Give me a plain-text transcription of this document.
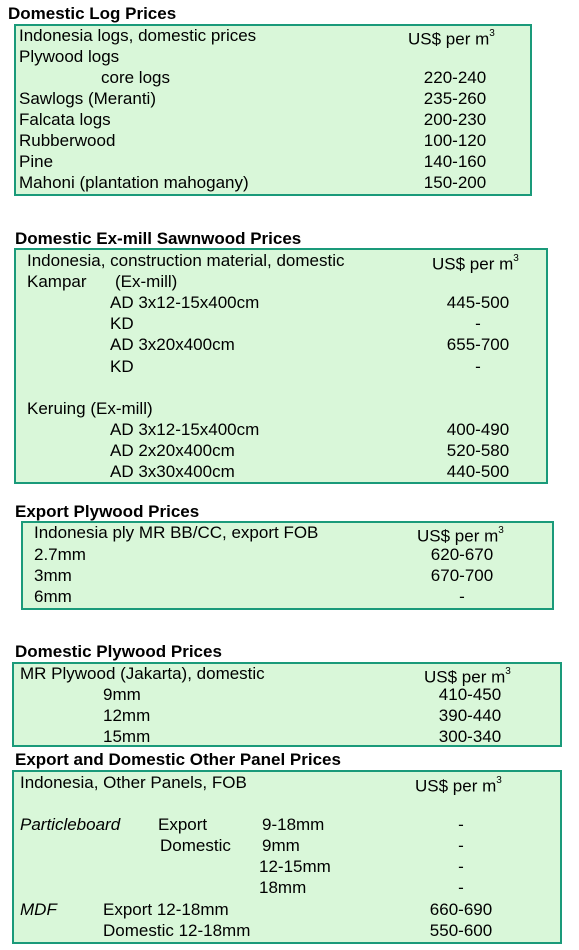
Domestic Log Prices
Indonesia logs, domestic prices	US$ per $m^3$
Plywood logs
core logs	220-240
Sawlogs (Meranti)	235-260
Falcata logs	200-230
Rubberwood	100-120
Pine	140-160
Mahoni (plantation mahogany)	150-200
Domestic Ex-mill Sawnwood Prices
Indonesia, construction material, domestic	US$ per $m^3$
Kampar (Ex-mill)
AD 3x12-15x400cm	445-500
KD	-
AD 3x20x400cm	655-700
KD	-
Keruing (Ex-mill)
AD 3x12-15x400cm	400-490
AD 2x20x400cm	520-580
AD 3x30x400cm	440-500
Export Plywood Prices
Indonesia ply MR BB/CC, export FOB	US$ per $m^3$
2.7mm	620-670
3mm	670-700
6mm	-
Domestic Plywood Prices
MR Plywood (Jakarta), domestic	US$ per $m^3$
9mm	410-450
12mm	390-440
15mm	300-340
Export and Domestic Other Panel Prices
Indonesia, Other Panels, FOB	US$ per $m^3$
Particleboard Export	9-18mm	-
Domestic 9mm	-
12-15mm	-
18mm	-
MDF	Export 12-18mm	660-690
Domestic 12-18mm	550-600
